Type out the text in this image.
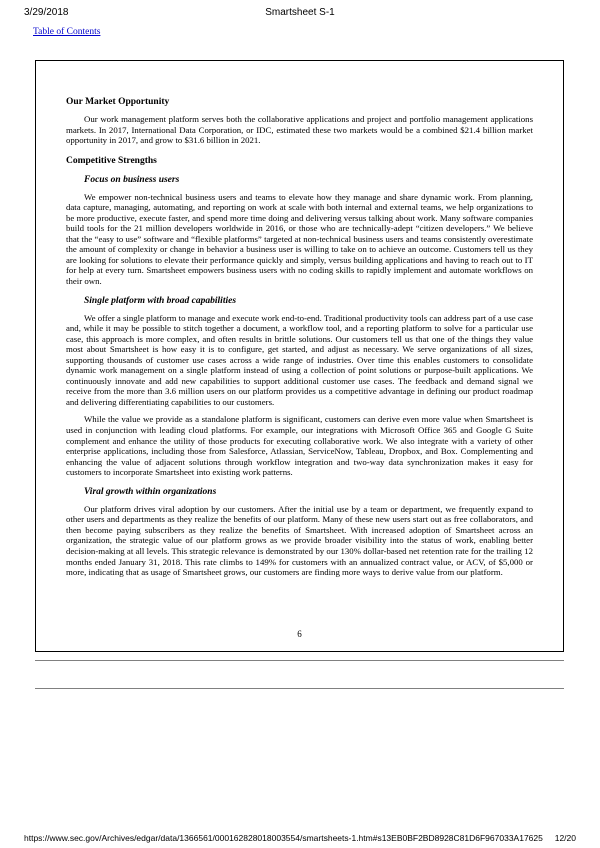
3/29/2018	Smartsheet S-1
Table of Contents
Our Market Opportunity

Our work management platform serves both the collaborative applications and project and portfolio management applications markets. In 2017, International Data Corporation, or IDC, estimated these two markets would be a combined $21.4 billion market opportunity in 2017, and grow to $31.6 billion in 2021.

Competitive Strengths
Focus on business users

We empower non-technical business users and teams to elevate how they manage and share dynamic work. From planning, data capture, managing, automating, and reporting on work at scale with both internal and external teams, we help organizations to be more productive, execute faster, and spend more time doing and delivering versus talking about work. Many software companies build tools for the 21 million developers worldwide in 2016, or those who are technically-adept “citizen developers.” We believe that the “easy to use” software and “flexible platforms” targeted at non-technical business users and teams consistently overestimate the amount of complexity or change in behavior a business user is willing to take on to achieve an outcome. Customers tell us they are looking for solutions to elevate their performance quickly and simply, versus building applications and having to reach out to IT for help at every turn. Smartsheet empowers business users with no coding skills to rapidly implement and automate workflows on their own.

Single platform with broad capabilities

We offer a single platform to manage and execute work end-to-end. Traditional productivity tools can address part of a use case and, while it may be possible to stitch together a document, a workflow tool, and a reporting platform to solve for a particular use case, this approach is more complex, and often results in brittle solutions. Our customers tell us that one of the things they value most about Smartsheet is how easy it is to configure, get started, and adjust as necessary. We serve organizations of all sizes, supporting thousands of customer use cases across a wide range of industries. Over time this enables customers to consolidate dynamic work management on a single platform instead of using a collection of point solutions or purpose-built applications. We continuously innovate and add new capabilities to support additional customer use cases. The feedback and demand signal we receive from the more than 3.6 million users on our platform provides us a competitive advantage in defining our product roadmap and delivering differentiating capabilities to our customers.

While the value we provide as a standalone platform is significant, customers can derive even more value when Smartsheet is used in conjunction with leading cloud platforms. For example, our integrations with Microsoft Office 365 and Google G Suite complement and enhance the utility of those products for executing collaborative work. We also integrate with a variety of other enterprise applications, including those from Salesforce, Atlassian, ServiceNow, Tableau, Dropbox, and Box. Complementing and enhancing the value of adjacent solutions through workflow integration and two-way data synchronization makes it easy for customers to incorporate Smartsheet into existing work patterns.

Viral growth within organizations

Our platform drives viral adoption by our customers. After the initial use by a team or department, we frequently expand to other users and departments as they realize the benefits of our platform. Many of these new users start out as free collaborators, and then become paying subscribers as they realize the benefits of Smartsheet. With increased adoption of Smartsheet across an organization, the strategic value of our platform grows as we provide broader visibility into the status of work, enabling better decision-making at all levels. This strategic relevance is demonstrated by our 130% dollar-based net retention rate for the trailing 12 months ended January 31, 2018. This rate climbs to 149% for customers with an annualized contract value, or ACV, of $5,000 or more, indicating that as usage of Smartsheet grows, our customers are finding more ways to derive value from our platform.

6
https://www.sec.gov/Archives/edgar/data/1366561/000162828018003554/smartsheets-1.htm#s13EB0BF2BD8928C81D6F967033A17625 12/20
